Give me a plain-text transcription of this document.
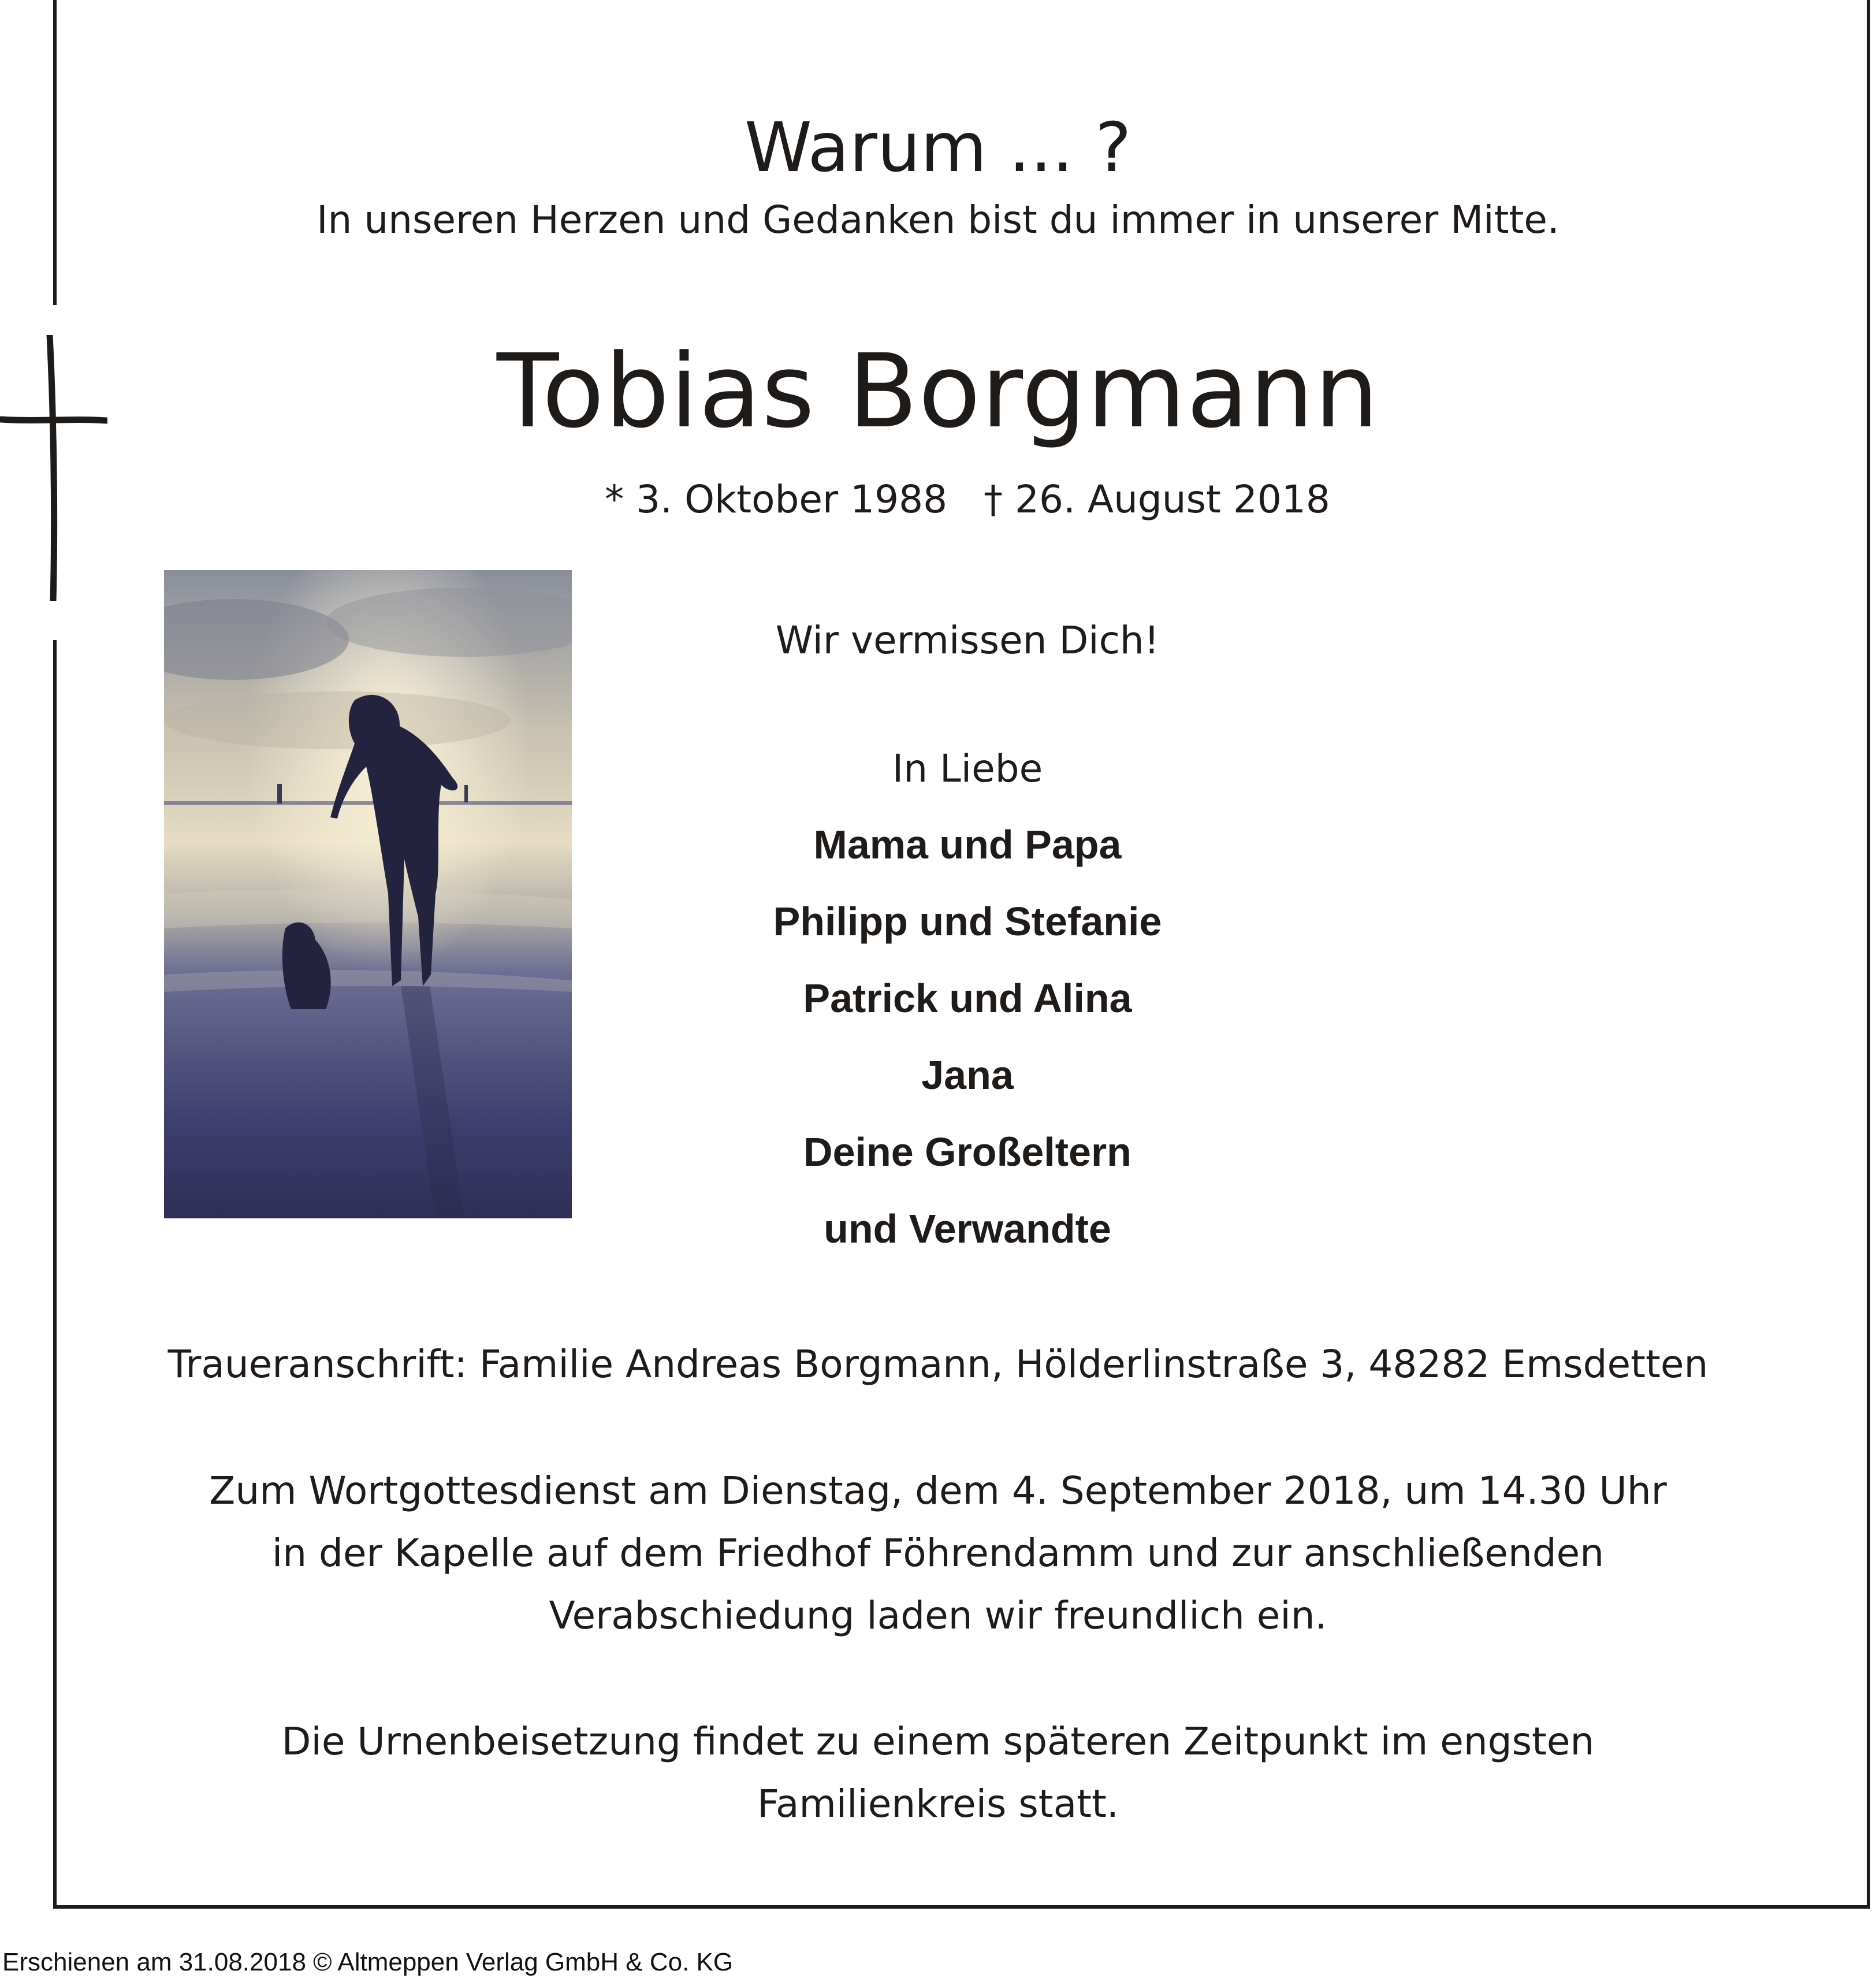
Warum ... ?
In unseren Herzen und Gedanken bist du immer in unserer Mitte.
Tobias Borgmann
* 3. Oktober 1988   † 26. August 2018
Wir vermissen Dich!
In Liebe
Mama und Papa
Philipp und Stefanie
Patrick und Alina
Jana
Deine Großeltern
und Verwandte
Traueranschrift: Familie Andreas Borgmann, Hölderlinstraße 3, 48282 Emsdetten
Zum Wortgottesdienst am Dienstag, dem 4. September 2018, um 14.30 Uhr
in der Kapelle auf dem Friedhof Föhrendamm und zur anschließenden
Verabschiedung laden wir freundlich ein.
Die Urnenbeisetzung findet zu einem späteren Zeitpunkt im engsten
Familienkreis statt.
Erschienen am 31.08.2018 © Altmeppen Verlag GmbH & Co. KG
